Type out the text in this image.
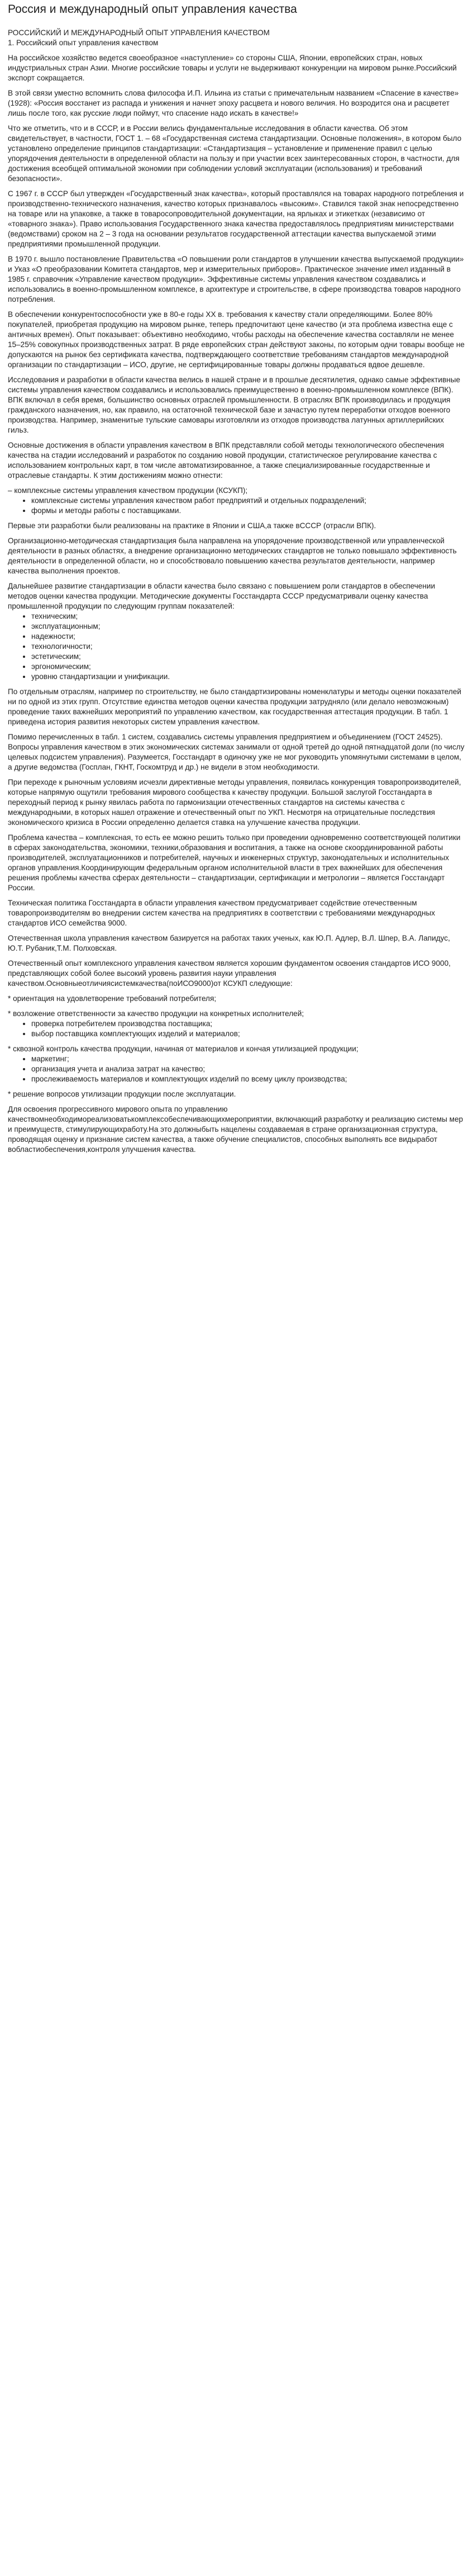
Россия и международный опыт управления качества

РОССИЙСКИЙ И МЕЖДУНАРОДНЫЙ ОПЫТ УПРАВЛЕНИЯ КАЧЕСТВОМ

1. Российский опыт управления качеством

На российское хозяйство ведется своеобразное «наступление» со стороны США, Японии, европейских стран, новых индустриальных стран Азии. Многие российские товары и услуги не выдерживают конкуренции на мировом рынке.Российский экспорт сокращается.

В этой связи уместно вспомнить слова философа И.П. Ильина из статьи с примечательным названием «Спасение в качестве» (1928): «Россия восстанет из распада и унижения и начнет эпоху расцвета и нового величия. Но возродится она и расцветет лишь после того, как русские люди поймут, что спасение надо искать в качестве!»

Что же отметить, что и в СССР, и в России велись фундаментальные исследования в области качества. Об этом свидетельствует, в частности, ГОСТ 1. – 68 «Государственная система стандартизации. Основные положения», в котором было установлено определение принципов стандартизации: «Стандартизация – установление и применение правил с целью упорядочения деятельности в определенной области на пользу и при участии всех заинтересованных сторон, в частности, для достижения всеобщей оптимальной экономии при соблюдении условий эксплуатации (использования) и требований безопасности».

С 1967 г. в СССР был утвержден «Государственный знак качества», который проставлялся на товарах народного потребления и производственно-технического назначения, качество которых признавалось «высоким». Ставился такой знак непосредственно на товаре или на упаковке, а также в товаросопроводительной документации, на ярлыках и этикетках (независимо от «товарного знака»). Право использования Государственного знака качества предоставлялось предприятиям министерствами (ведомствами) сроком на 2 – 3 года на основании результатов государственной аттестации качества выпускаемой этими предприятиями промышленной продукции.

В 1970 г. вышло постановление Правительства «О повышении роли стандартов в улучшении качества выпускаемой продукции» и Указ «О преобразовании Комитета стандартов, мер и измерительных приборов». Практическое значение имел изданный в 1985 г. справочник «Управление качеством продукции». Эффективные системы управления качеством создавались и использовались в военно-промышленном комплексе, в архитектуре и строительстве, в сфере производства товаров народного потребления.

В обеспечении конкурентоспособности уже в 80-е годы XX в. требования к качеству стали определяющими. Более 80% покупателей, приобретая продукцию на мировом рынке, теперь предпочитают цене качество (и эта проблема известна еще с античных времен). Опыт показывает: объективно необходимо, чтобы расходы на обеспечение качества составляли не менее 15–25% совокупных производственных затрат. В ряде европейских стран действуют законы, по которым одни товары вообще не допускаются на рынок без сертификата качества, подтверждающего соответствие требованиям стандартов международной организации по стандартизации – ИСО, другие, не сертифицированные товары должны продаваться вдвое дешевле.

Исследования и разработки в области качества велись в нашей стране и в прошлые десятилетия, однако самые эффективные системы управления качеством создавались и использовались преимущественно в военно-промышленном комплексе (ВПК). ВПК включал в себя время, большинство основных отраслей промышленности. В отраслях ВПК производилась и продукция гражданского назначения, но, как правило, на остаточной технической базе и зачастую путем переработки отходов военного производства. Например, знаменитые тульские самовары изготовляли из отходов производства латунных артиллерийских гильз.

Основные достижения в области управления качеством в ВПК представляли собой методы технологического обеспечения качества на стадии исследований и разработок по созданию новой продукции, статистическое регулирование качества с использованием контрольных карт, в том числе автоматизированное, а также специализированные государственные и отраслевые стандарты. К этим достижениям можно отнести:

– комплексные системы управления качеством продукции (КСУКП);

• комплексные системы управления качеством работ предприятий и отдельных подразделений;
• формы и методы работы с поставщиками.

Первые эти разработки были реализованы на практике в Японии и США,а также вСССР (отрасли ВПК).

Организационно-методическая стандартизация была направлена на упорядочение производственной или управленческой деятельности в разных областях, а внедрение организационно методических стандартов не только повышало эффективность деятельности в определенной области, но и способствовало повышению качества результатов деятельности, например качества выполнения проектов.

Дальнейшее развитие стандартизации в области качества было связано с повышением роли стандартов в обеспечении методов оценки качества продукции. Методические документы Госстандарта СССР предусматривали оценку качества промышленной продукции по следующим группам показателей:

• техническим;
• эксплуатационным;
• надежности;
• технологичности;
• эстетическим;
• эргономическим;
• уровню стандартизации и унификации.

По отдельным отраслям, например по строительству, не было стандартизированы номенклатуры и методы оценки показателей ни по одной из этих групп. Отсутствие единства методов оценки качества продукции затрудняло (или делало невозможным) проведение таких важнейших мероприятий по управлению качеством, как государственная аттестация продукции. В табл. 1 приведена история развития некоторых систем управления качеством.

Помимо перечисленных в табл. 1 систем, создавались системы управления предприятием и объединением (ГОСТ 24525). Вопросы управления качеством в этих экономических системах занимали от одной третей до одной пятнадцатой доли (по числу целевых подсистем управления). Разумеется, Госстандарт в одиночку уже не мог руководить упомянутыми системами в целом, а другие ведомства (Госплан, ГКНТ, Госкомтруд и др.) не видели в этом необходимости.

При переходе к рыночным условиям исчезли директивные методы управления, появилась конкуренция товаропроизводителей, которые напрямую ощутили требования мирового сообщества к качеству продукции. Большой заслугой Госстандарта в переходный период к рынку явилась работа по гармонизации отечественных стандартов на системы качества с международными, в которых нашел отражение и отечественный опыт по УКП. Несмотря на отрицательные последствия экономического кризиса в России определенно делается ставка на улучшение качества продукции.

Проблема качества – комплексная, то есть ее можно решить только при проведении одновременно соответствующей политики в сферах законодательства, экономики, техники,образования и воспитания, а также на основе скоординированной работы производителей, эксплуатационников и потребителей, научных и инженерных структур, законодательных и исполнительных органов управления.Координирующим федеральным органом исполнительной власти в трех важнейших для обеспечения решения проблемы качества сферах деятельности – стандартизации, сертификации и метрологии – является Госстандарт России.

Техническая политика Госстандарта в области управления качеством предусматривает содействие отечественным товаропроизводителям во внедрении систем качества на предприятиях в соответствии с требованиями международных стандартов ИСО семейства 9000.

Отечественная школа управления качеством базируется на работах таких ученых, как Ю.П. Адлер, В.Л. Шпер, В.А. Лапидус, Ю.Т. Рубаник,Т.М. Полховская.

Отечественный опыт комплексного управления качеством является хорошим фундаментом освоения стандартов ИСО 9000, представляющих собой более высокий уровень развития науки управления качеством.Основныеотличиясистемкачества(поИСО9000)от КСУКП следующие:

* ориентация на удовлетворение требований потребителя;

* возложение ответственности за качество продукции на конкретных исполнителей;

• проверка потребителем производства поставщика;
• выбор поставщика комплектующих изделий и материалов;

* сквозной контроль качества продукции, начиная от материалов и кончая утилизацией продукции;

• маркетинг;
• организация учета и анализа затрат на качество;
• прослеживаемость материалов и комплектующих изделий по всему циклу производства;

* решение вопросов утилизации продукции после эксплуатации.

Для освоения прогрессивного мирового опыта по управлению качествомнеобходимореализоватькомплексобеспечивающихмероприятии, включающий разработку и реализацию системы мер и преимуществ, стимулирующихработу.На это должныбыть нацелены создаваемая в стране организационная структура, проводящая оценку и признание систем качества, а также обучение специалистов, способных выполнять все видыработ вобластиобеспечения,контроля улучшения качества.
